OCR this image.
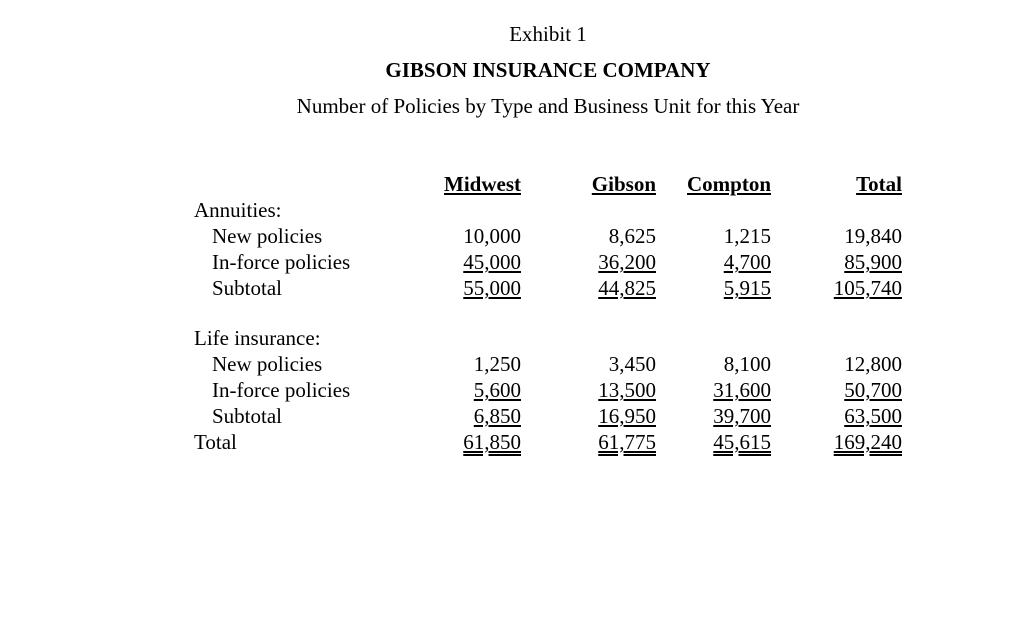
Exhibit 1
GIBSON INSURANCE COMPANY
Number of Policies by Type and Business Unit for this Year
Midwest	Gibson	Compton	Total
Annuities:
New policies	10,000	8,625	1,215	19,840
In-force policies	45,000	36,200	4,700	85,900
Subtotal	55,000	44,825	5,915	105,740
Life insurance:
New policies	1,250	3,450	8,100	12,800
In-force policies	5,600	13,500	31,600	50,700
Subtotal	6,850	16,950	39,700	63,500
Total	61,850	61,775	45,615	169,240
